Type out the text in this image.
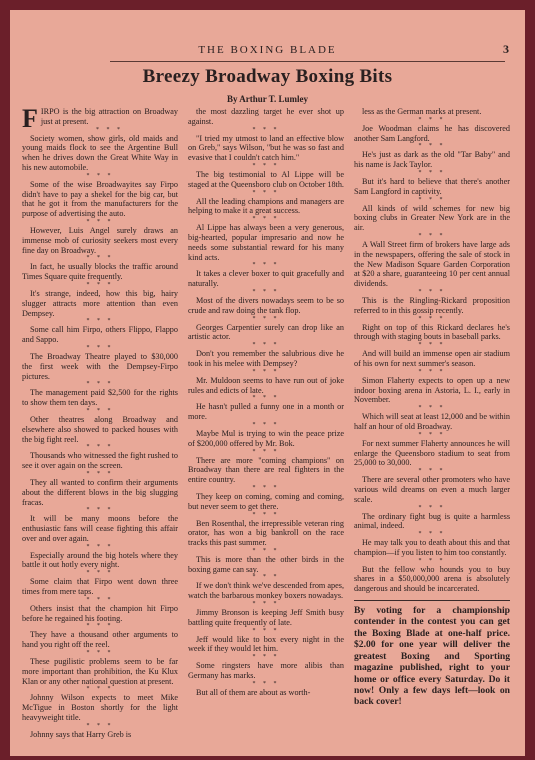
THE BOXING BLADE	3
Breezy Broadway Boxing Bits
By Arthur T. Lumley

FIRPO is the big attraction on Broadway just at present.

* * *

Society women, show girls, old maids and young maids flock to see the Argentine Bull when he drives down the Great White Way in his new automobile.

* * *

Some of the wise Broadwayites say Firpo didn't have to pay a shekel for the big car, but that he got it from the manufacturers for the purpose of advertising the auto.

* * *

However, Luis Angel surely draws an immense mob of curiosity seekers most every fine day on Broadway.

* * *

In fact, he usually blocks the traffic around Times Square quite frequently.

* * *

It's strange, indeed, how this big, hairy slugger attracts more attention than even Dempsey.

* * *

Some call him Firpo, others Flippo, Flappo and Sappo.

* * *

The Broadway Theatre played to $30,000 the first week with the Dempsey-Firpo pictures.

* * *

The management paid $2,500 for the rights to show them ten days.

* * *

Other theatres along Broadway and elsewhere also showed to packed houses with the big fight reel.

* * *

Thousands who witnessed the fight rushed to see it over again on the screen.

* * *

They all wanted to confirm their arguments about the different blows in the big slugging fracas.

* * *

It will be many moons before the enthusiastic fans will cease fighting this affair over and over again.

* * *

Especially around the big hotels where they battle it out hotly every night.

* * *

Some claim that Firpo went down three times from mere taps.

* * *

Others insist that the champion hit Firpo before he regained his footing.

* * *

They have a thousand other arguments to hand you right off the reel.

* * *

These pugilistic problems seem to be far more important than prohibition, the Ku Klux Klan or any other national question at present.

* * *

Johnny Wilson expects to meet Mike McTigue in Boston shortly for the light heavyweight title.

* * *

Johnny says that Harry Greb is

the most dazzling target he ever shot up against.

* * *

"I tried my utmost to land an effective blow on Greb," says Wilson, "but he was so fast and evasive that I couldn't catch him."

* * *

The big testimonial to Al Lippe will be staged at the Queensboro club on October 18th.

* * *

All the leading champions and managers are helping to make it a great success.

* * *

Al Lippe has always been a very generous, big-hearted, popular impresario and now he needs some substantial reward for his many kind acts.

* * *

It takes a clever boxer to quit gracefully and naturally.

* * *

Most of the divers nowadays seem to be so crude and raw doing the tank flop.

* * *

Georges Carpentier surely can drop like an artistic actor.

* * *

Don't you remember the salubrious dive he took in his melee with Dempsey?

* * *

Mr. Muldoon seems to have run out of joke rules and edicts of late.

* * *

He hasn't pulled a funny one in a month or more.

* * *

Maybe Mul is trying to win the peace prize of $200,000 offered by Mr. Bok.

* * *

There are more "coming champions" on Broadway than there are real fighters in the entire country.

* * *

They keep on coming, coming and coming, but never seem to get there.

* * *

Ben Rosenthal, the irrepressible veteran ring orator, has won a big bankroll on the race tracks this past summer.

* * *

This is more than the other birds in the boxing game can say.

* * *

If we don't think we've descended from apes, watch the barbarous monkey boxers nowadays.

* * *

Jimmy Bronson is keeping Jeff Smith busy battling quite frequently of late.

* * *

Jeff would like to box every night in the week if they would let him.

* * *

Some ringsters have more alibis than Germany has marks.

* * *

But all of them are about as worth-

less as the German marks at present.

* * *

Joe Woodman claims he has discovered another Sam Langford.

* * *

He's just as dark as the old "Tar Baby" and his name is Jack Taylor.

* * *

But it's hard to believe that there's another Sam Langford in captivity.

* * *

All kinds of wild schemes for new big boxing clubs in Greater New York are in the air.

* * *

A Wall Street firm of brokers have large ads in the newspapers, offering the sale of stock in the New Madison Square Garden Corporation at $20 a share, guaranteeing 10 per cent annual dividends.

* * *

This is the Ringling-Rickard proposition referred to in this gossip recently.

* * *

Right on top of this Rickard declares he's through with staging bouts in baseball parks.

* * *

And will build an immense open air stadium of his own for next summer's season.

* * *

Simon Flaherty expects to open up a new indoor boxing arena in Astoria, L. I., early in November.

* * *

Which will seat at least 12,000 and be within half an hour of old Broadway.

* * *

For next summer Flaherty announces he will enlarge the Queensboro stadium to seat from 25,000 to 30,000.

* * *

There are several other promoters who have various wild dreams on even a much larger scale.

* * *

The ordinary fight bug is quite a harmless animal, indeed.

* * *

He may talk you to death about this and that champion—if you listen to him too constantly.

* * *

But the fellow who hounds you to buy shares in a $50,000,000 arena is absolutely dangerous and should be incarcerated.

By voting for a championship contender in the contest you can get the Boxing Blade at one-half price. $2.00 for one year will deliver the greatest Boxing and Sporting magazine published, right to your home or office every Saturday. Do it now! Only a few days left—look on back cover!
